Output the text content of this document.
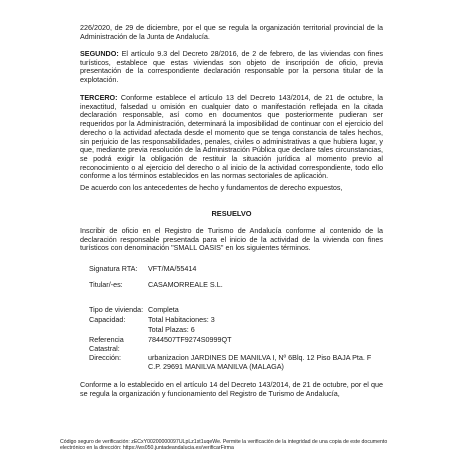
226/2020, de 29 de diciembre, por el que se regula la organización territorial provincial de la Administración de la Junta de Andalucía.
SEGUNDO: El artículo 9.3 del Decreto 28/2016, de 2 de febrero, de las viviendas con fines turísticos, establece que estas viviendas son objeto de inscripción de oficio, previa presentación de la correspondiente declaración responsable por la persona titular de la explotación.
TERCERO: Conforme establece el artículo 13 del Decreto 143/2014, de 21 de octubre, la inexactitud, falsedad u omisión en cualquier dato o manifestación reflejada en la citada declaración responsable, así como en documentos que posteriormente pudieran ser requeridos por la Administración, determinará la imposibilidad de continuar con el ejercicio del derecho o la actividad afectada desde el momento que se tenga constancia de tales hechos, sin perjuicio de las responsabilidades, penales, civiles o administrativas a que hubiera lugar, y que, mediante previa resolución de la Administración Pública que declare tales circunstancias, se podrá exigir la obligación de restituir la situación jurídica al momento previo al reconocimiento o al ejercicio del derecho o al inicio de la actividad correspondiente, todo ello conforme a los términos establecidos en las normas sectoriales de aplicación.
De acuerdo con los antecedentes de hecho y fundamentos de derecho expuestos,
RESUELVO
Inscribir de oficio en el Registro de Turismo de Andalucía conforme al contenido de la declaración responsable presentada para el inicio de la actividad de la vivienda con fines turísticos con denominación "SMALL OASIS" en los siguientes términos.
Signatura RTA: VFT/MA/55414
Titular/-es:	CASAMORREALE S.L.
Tipo de vivienda: Completa
Capacidad:	Total Habitaciones: 3
Total Plazas: 6
Referencia
Catastral:
7844507TF9274S0999QT
Dirección:	urbanizacion JARDINES DE MANILVA I, Nº 6Blq. 12 Piso BAJA Pta. F
C.P. 29691 MANILVA MANILVA (MALAGA)
Conforme a lo establecido en el artículo 14 del Decreto 143/2014, de 21 de octubre, por el que se regula la organización y funcionamiento del Registro de Turismo de Andalucía,
Código seguro de verificación: zECxY00200000097ULpLz1st1uqeWe. Permite la verificación de la integridad de una copia de este documento electrónico en la dirección: https://ws050.juntadeandalucia.es/verificarFirma
